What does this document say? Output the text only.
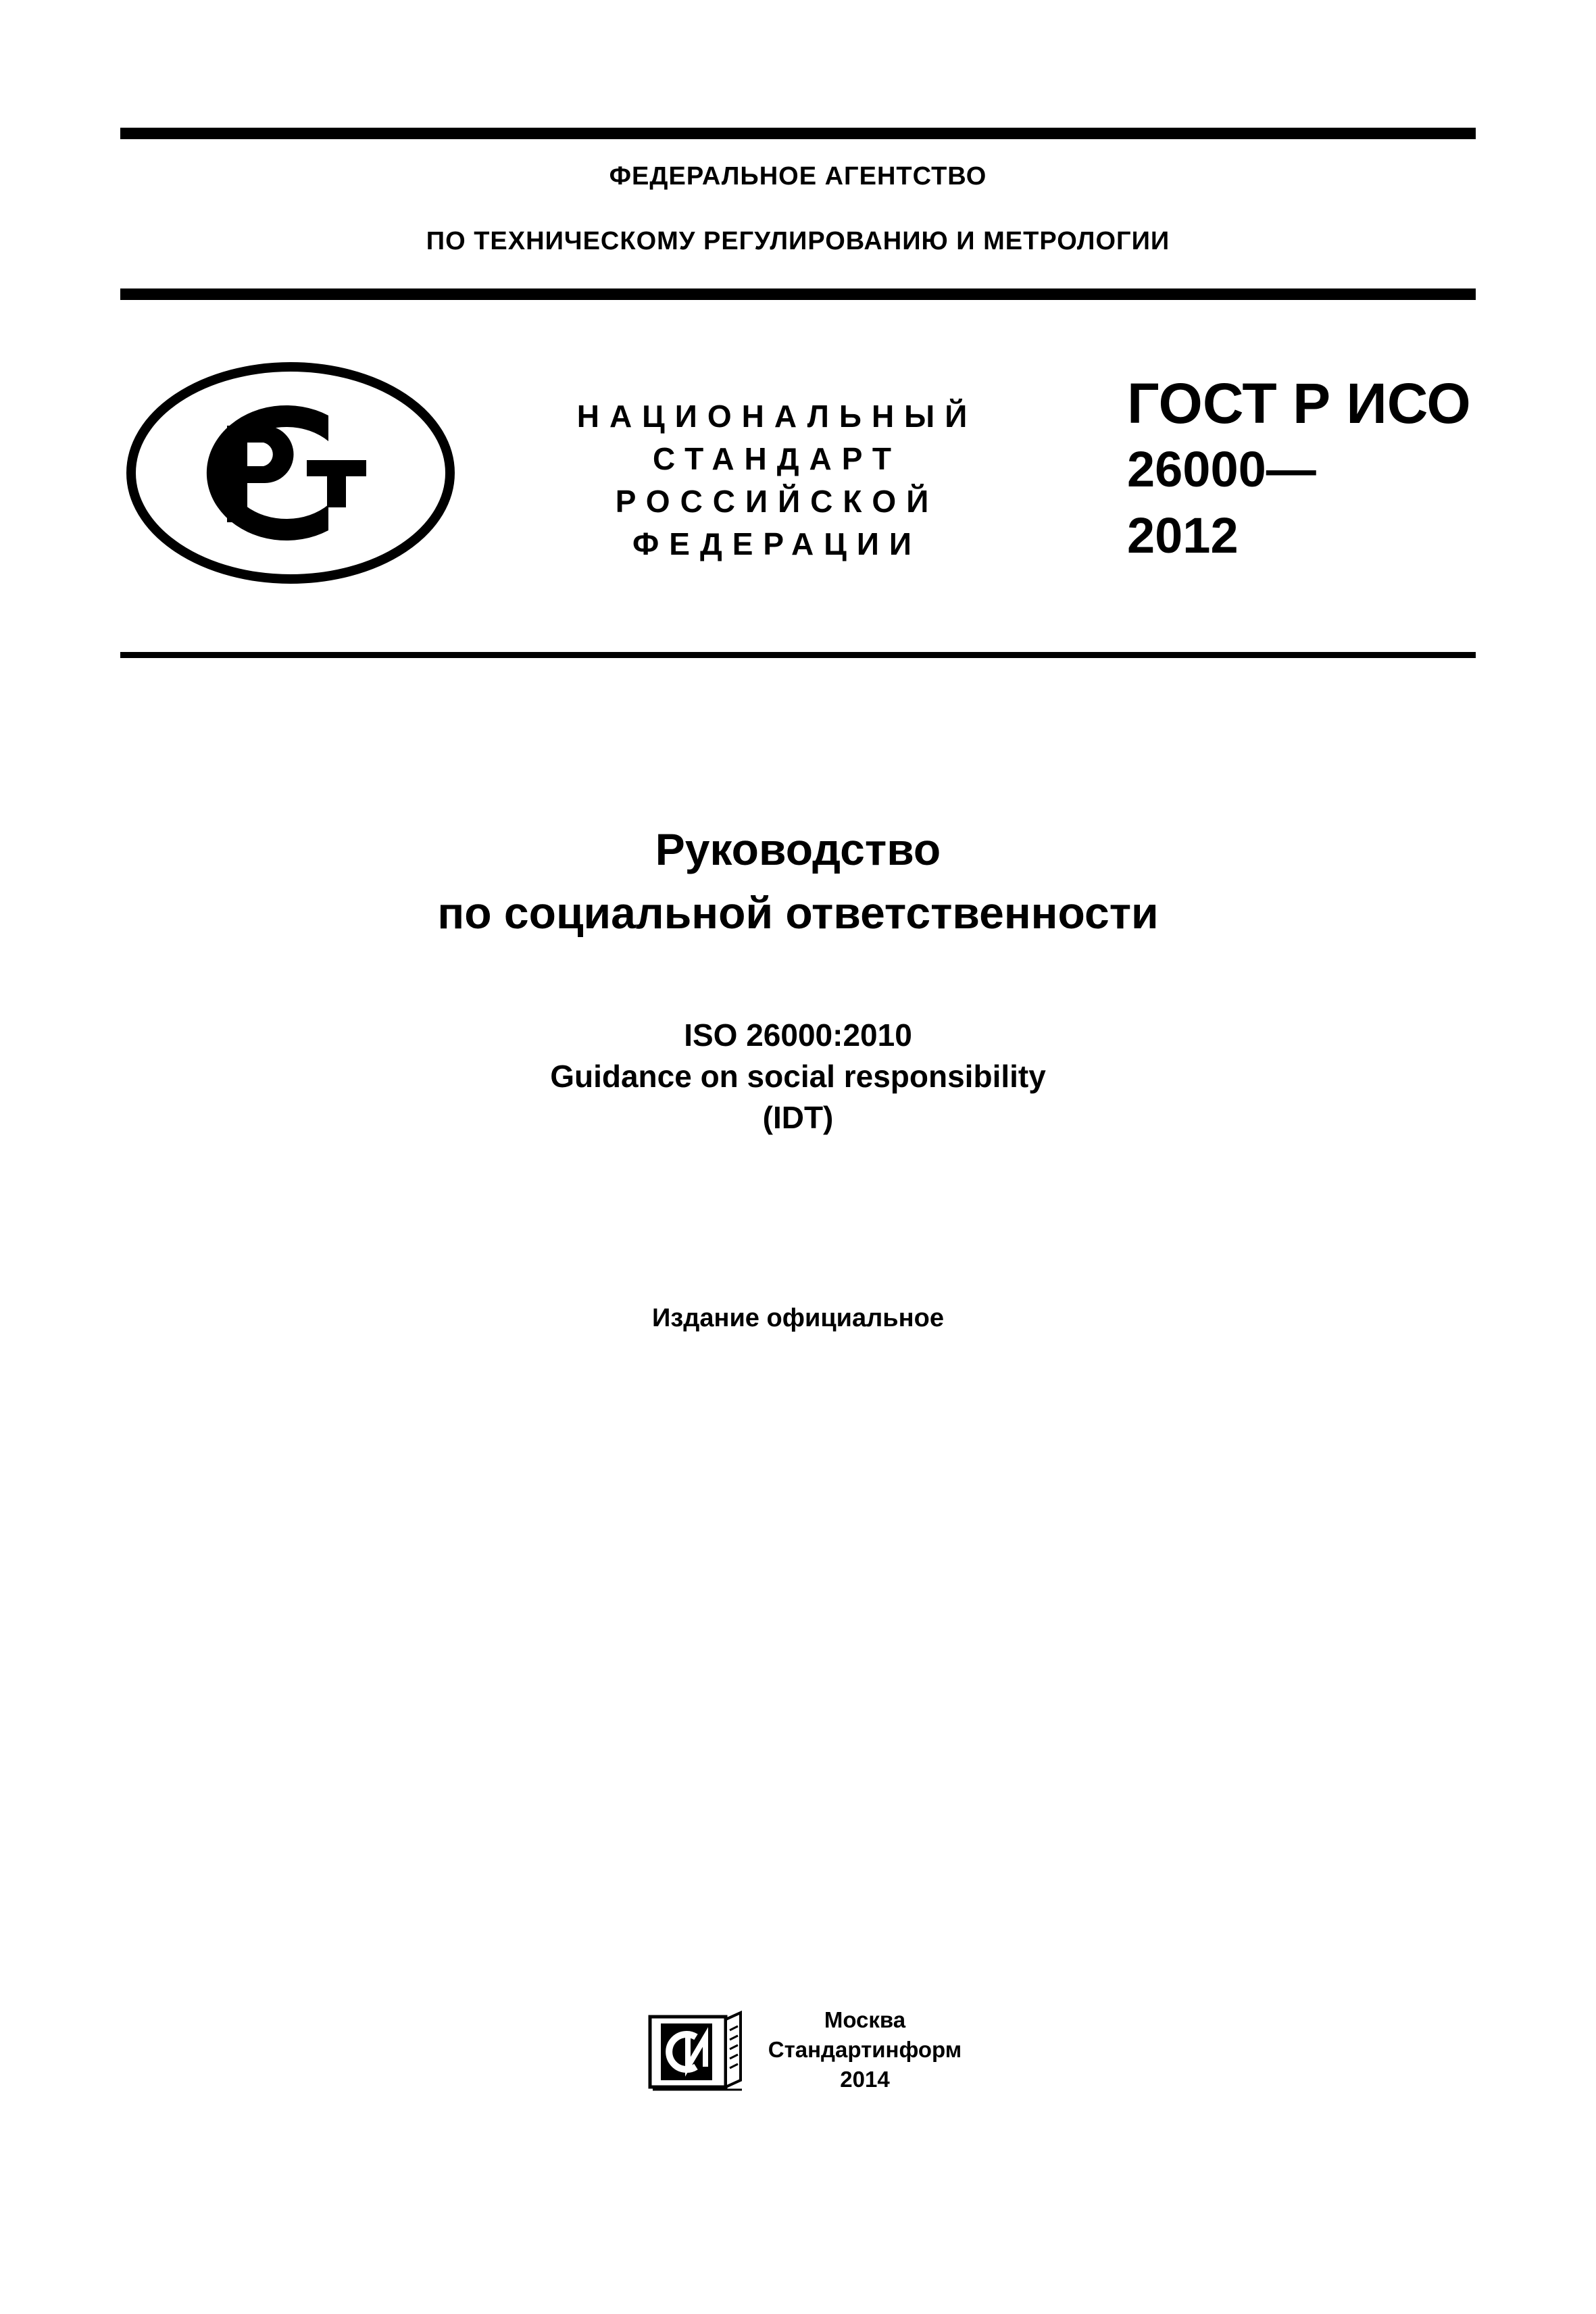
ФЕДЕРАЛЬНОЕ АГЕНТСТВО
ПО ТЕХНИЧЕСКОМУ РЕГУЛИРОВАНИЮ И МЕТРОЛОГИИ
НАЦИОНАЛЬНЫЙ
СТАНДАРТ
РОССИЙСКОЙ
ФЕДЕРАЦИИ
ГОСТ Р ИСО
26000—
2012
Руководство
по социальной ответственности
ISO 26000:2010
Guidance on social responsibility
(IDT)
Издание официальное
Москва
Стандартинформ
2014
